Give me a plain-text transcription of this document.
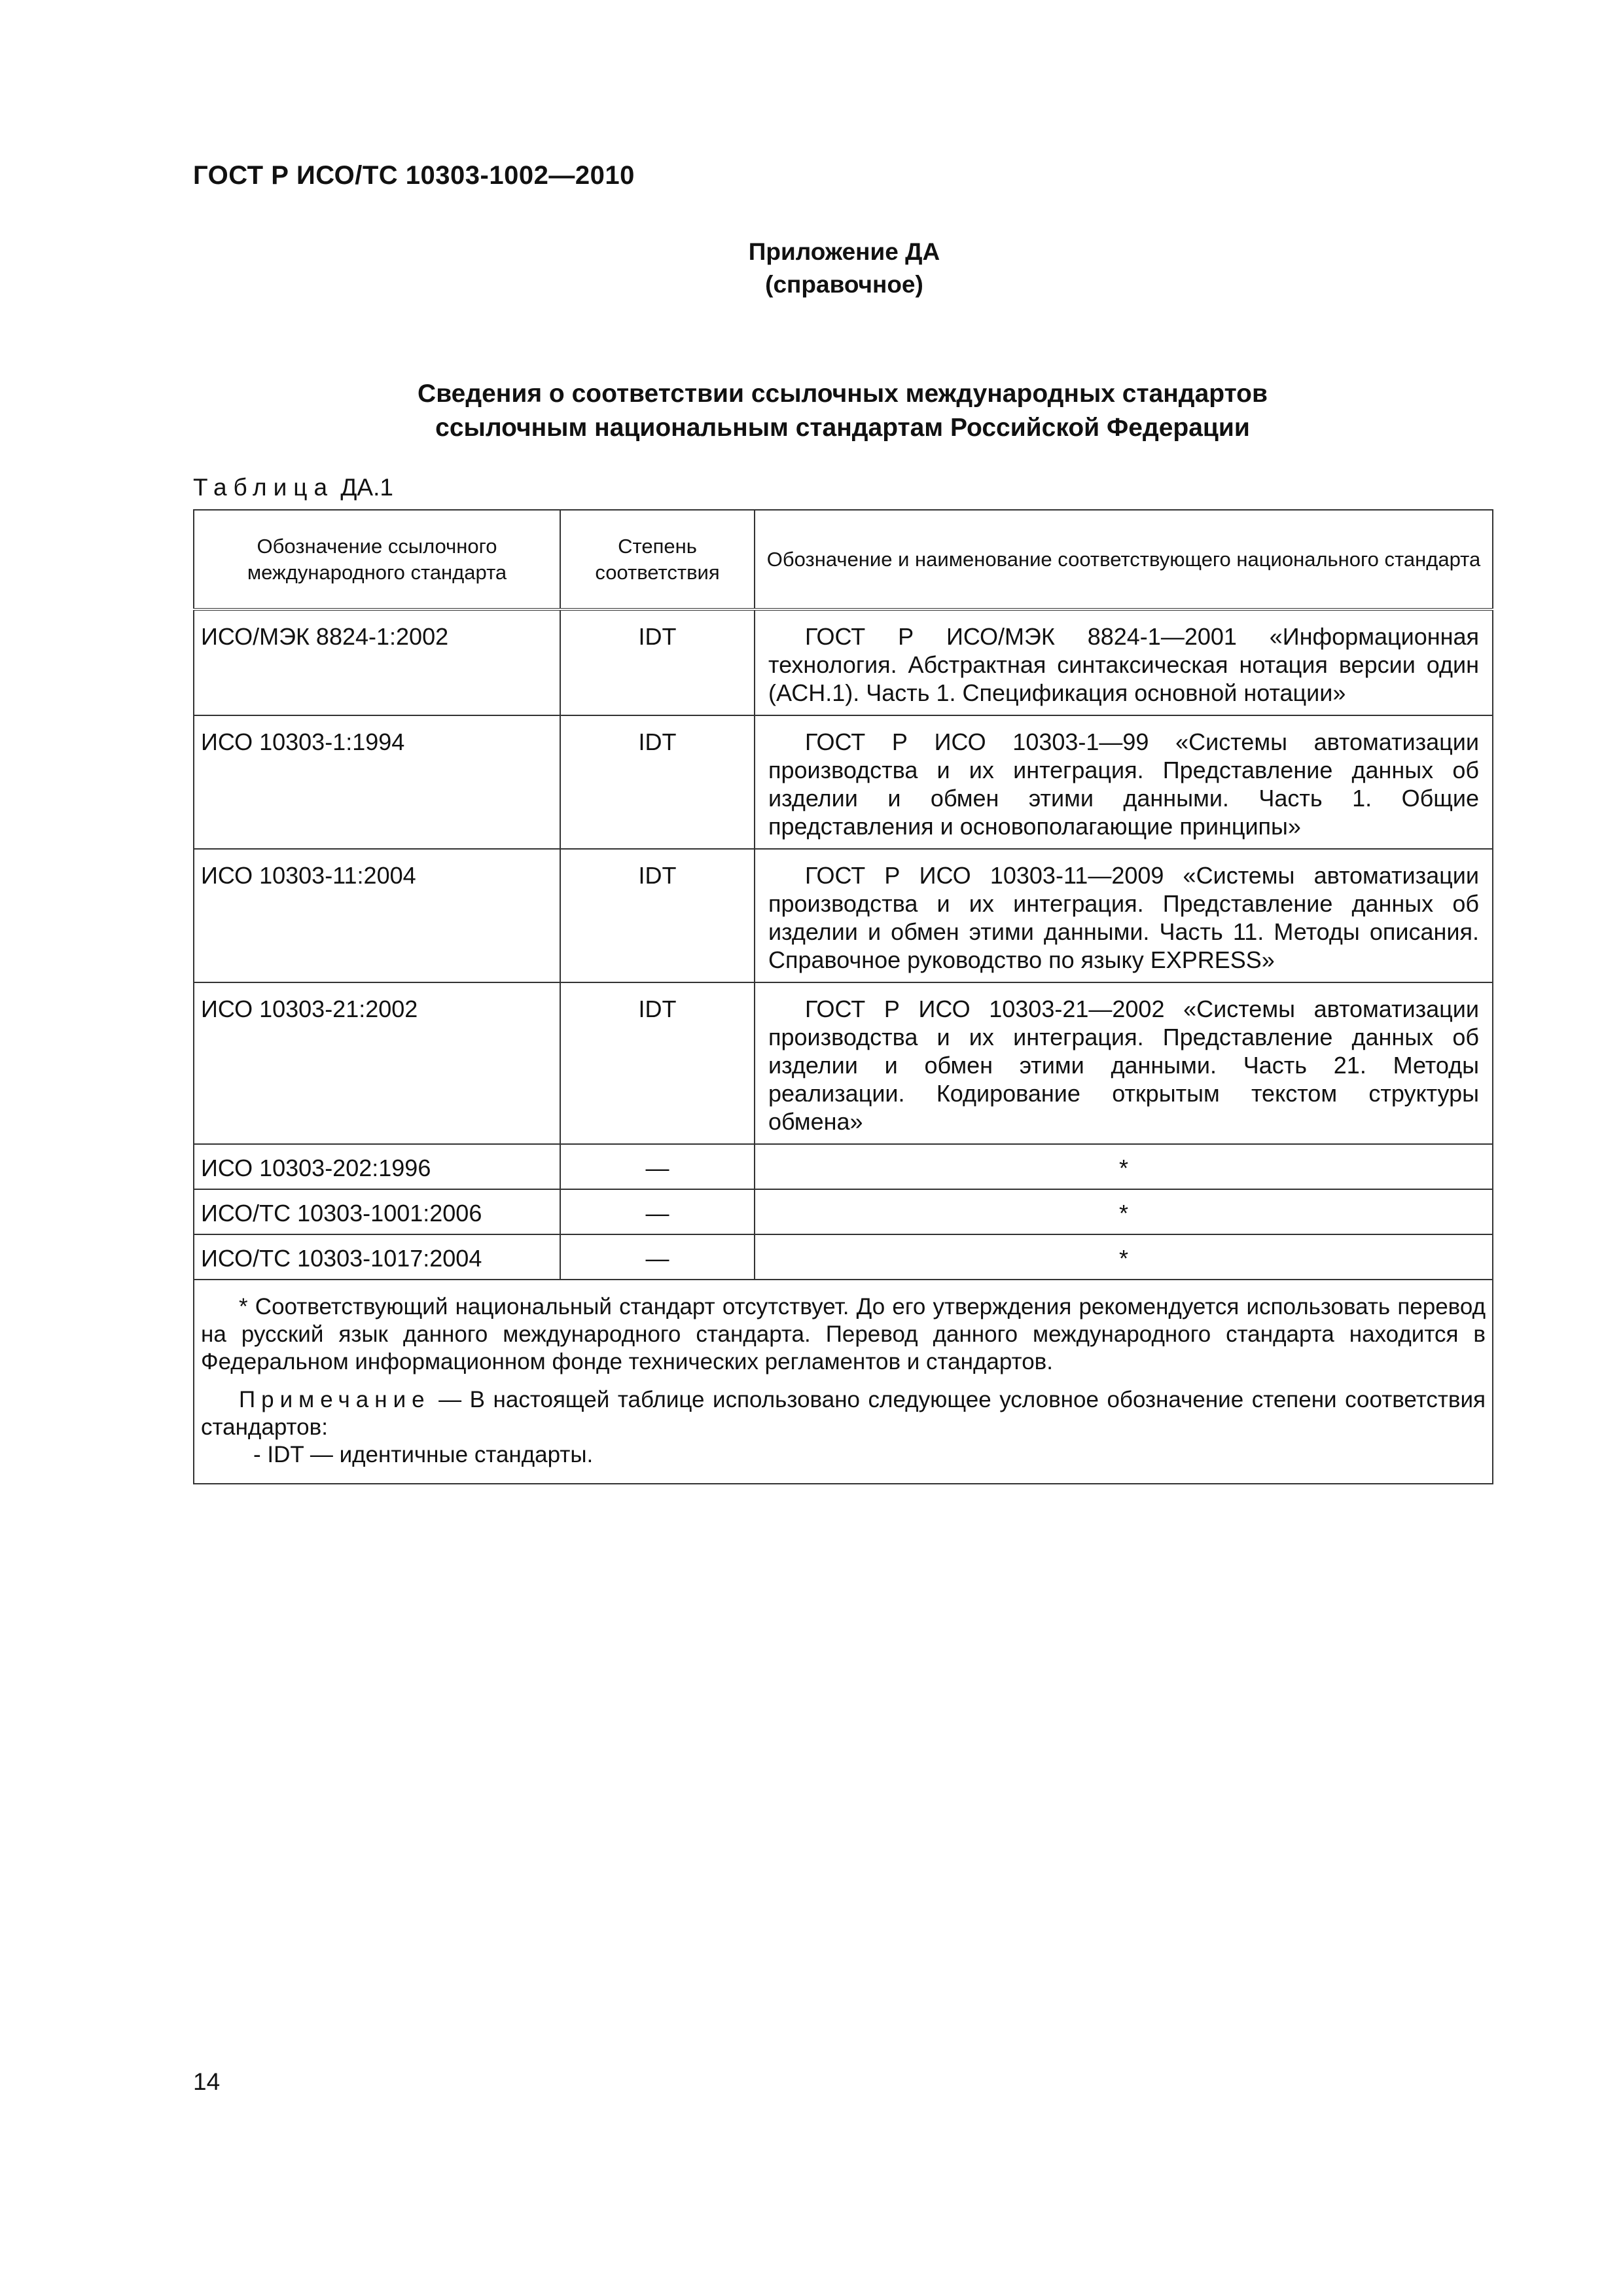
ГОСТ Р ИСО/ТС 10303-1002—2010
Приложение ДА
(справочное)
Сведения о соответствии ссылочных международных стандартов
ссылочным национальным стандартам Российской Федерации
Таблица ДА.1
Обозначение ссылочного международного стандарта	Степень соответствия	Обозначение и наименование соответствующего национального стандарта
ИСО/МЭК 8824-1:2002	IDT	ГОСТ Р ИСО/МЭК 8824-1—2001 «Информационная технология. Абстрактная синтаксическая нотация версии один (АСН.1). Часть 1. Спецификация основной нотации»
ИСО 10303-1:1994	IDT	ГОСТ Р ИСО 10303-1—99 «Системы автоматизации производства и их интеграция. Представление данных об изделии и обмен этими данными. Часть 1. Общие представления и основополагающие принципы»
ИСО 10303-11:2004	IDT	ГОСТ Р ИСО 10303-11—2009 «Системы автоматизации производства и их интеграция. Представление данных об изделии и обмен этими данными. Часть 11. Методы описания. Справочное руководство по языку EXPRESS»
ИСО 10303-21:2002	IDT	ГОСТ Р ИСО 10303-21—2002 «Системы автоматизации производства и их интеграция. Представление данных об изделии и обмен этими данными. Часть 21. Методы реализации. Кодирование открытым текстом структуры обмена»
ИСО 10303-202:1996	—	*
ИСО/ТС 10303-1001:2006	—	*
ИСО/ТС 10303-1017:2004	—	*

* Соответствующий национальный стандарт отсутствует. До его утверждения рекомендуется использовать перевод на русский язык данного международного стандарта. Перевод данного международного стандарта находится в Федеральном информационном фонде технических регламентов и стандартов.

Примечание — В настоящей таблице использовано следующее условное обозначение степени соответствия стандартов:

- IDT — идентичные стандарты.		

14
